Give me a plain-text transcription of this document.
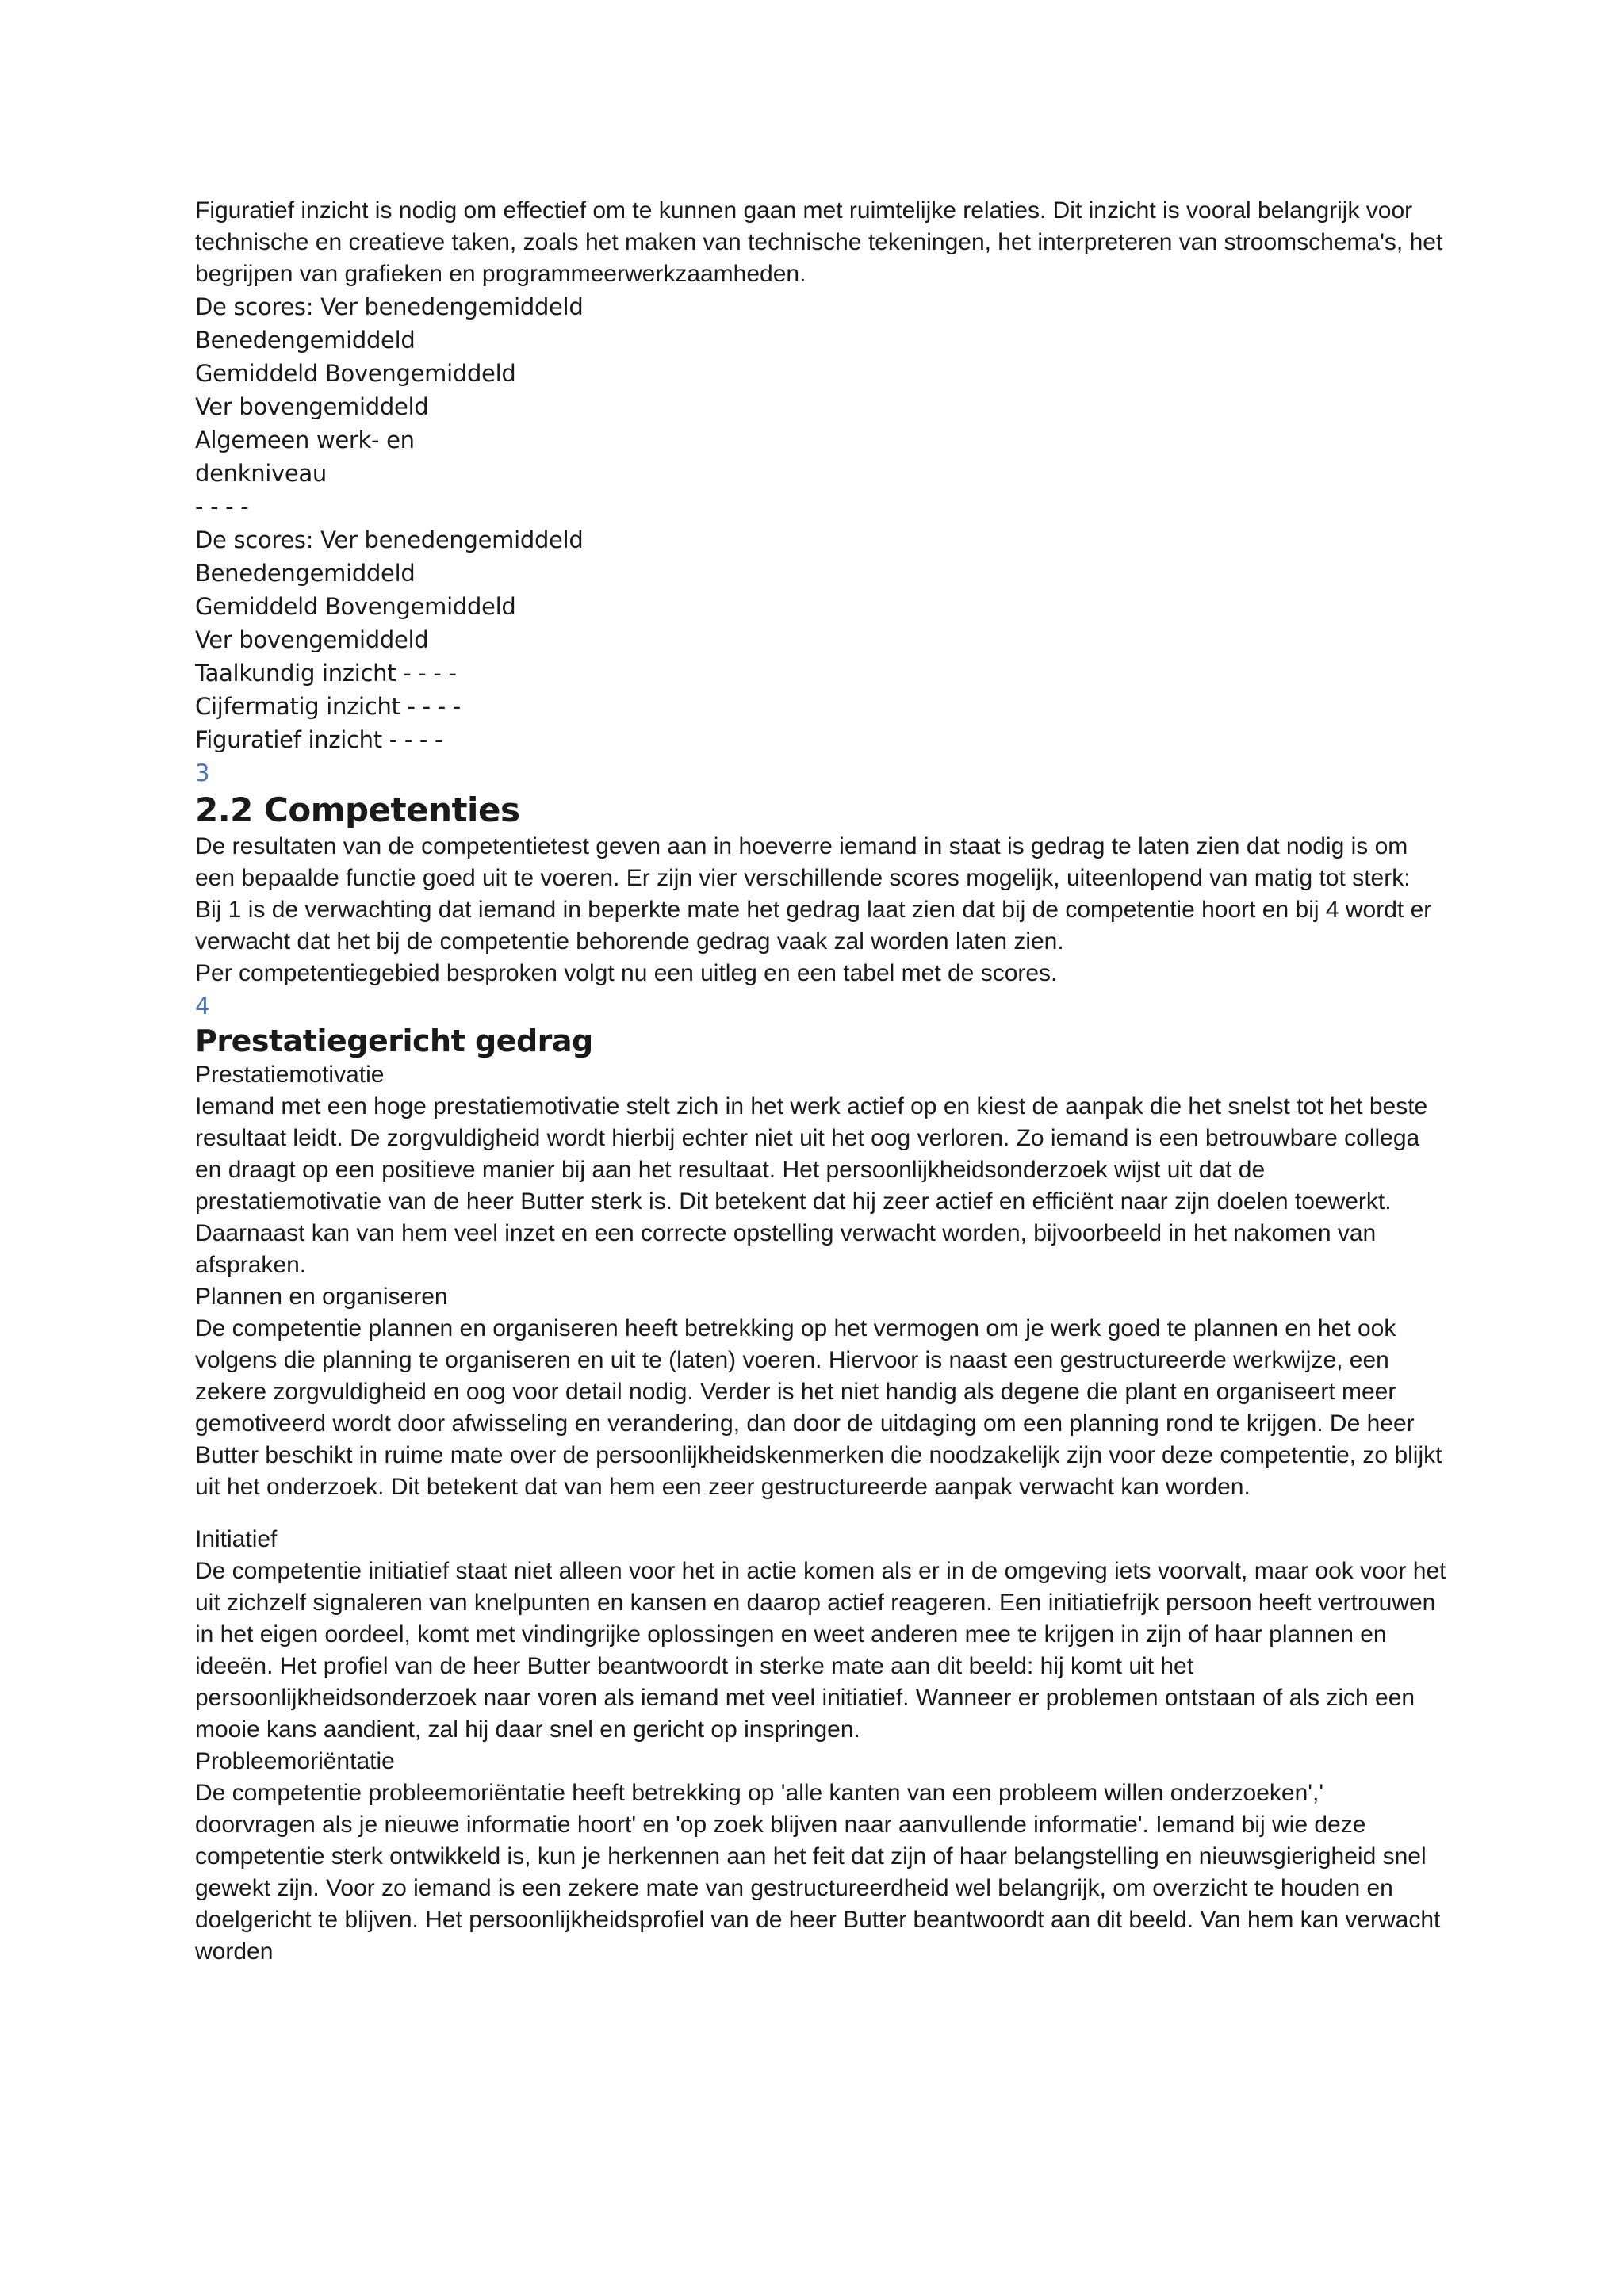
Figuratief inzicht is nodig om effectief om te kunnen gaan met ruimtelijke relaties. Dit inzicht is vooral belangrijk voor technische en creatieve taken, zoals het maken van technische tekeningen, het interpreteren van stroomschema's, het begrijpen van grafieken en programmeerwerkzaamheden.

De scores: Ver benedengemiddeld

Benedengemiddeld

Gemiddeld Bovengemiddeld

Ver bovengemiddeld

Algemeen werk- en

denkniveau

- - - -

De scores: Ver benedengemiddeld

Benedengemiddeld

Gemiddeld Bovengemiddeld

Ver bovengemiddeld

Taalkundig inzicht - - - -

Cijfermatig inzicht - - - -

Figuratief inzicht - - - -

3

2.2 Competenties

De resultaten van de competentietest geven aan in hoeverre iemand in staat is gedrag te laten zien dat nodig is om een bepaalde functie goed uit te voeren. Er zijn vier verschillende scores mogelijk, uiteenlopend van matig tot sterk:

Bij 1 is de verwachting dat iemand in beperkte mate het gedrag laat zien dat bij de competentie hoort en bij 4 wordt er verwacht dat het bij de competentie behorende gedrag vaak zal worden laten zien.

Per competentiegebied besproken volgt nu een uitleg en een tabel met de scores.

4

Prestatiegericht gedrag

Prestatiemotivatie

Iemand met een hoge prestatiemotivatie stelt zich in het werk actief op en kiest de aanpak die het snelst tot het beste resultaat leidt. De zorgvuldigheid wordt hierbij echter niet uit het oog verloren. Zo iemand is een betrouwbare collega en draagt op een positieve manier bij aan het resultaat. Het persoonlijkheidsonderzoek wijst uit dat de prestatiemotivatie van de heer Butter sterk is. Dit betekent dat hij zeer actief en efficiënt naar zijn doelen toewerkt.

Daarnaast kan van hem veel inzet en een correcte opstelling verwacht worden, bijvoorbeeld in het nakomen van afspraken.

Plannen en organiseren

De competentie plannen en organiseren heeft betrekking op het vermogen om je werk goed te plannen en het ook volgens die planning te organiseren en uit te (laten) voeren. Hiervoor is naast een gestructureerde werkwijze, een zekere zorgvuldigheid en oog voor detail nodig. Verder is het niet handig als degene die plant en organiseert meer gemotiveerd wordt door afwisseling en verandering, dan door de uitdaging om een planning rond te krijgen. De heer Butter beschikt in ruime mate over de persoonlijkheidskenmerken die noodzakelijk zijn voor deze competentie, zo blijkt uit het onderzoek. Dit betekent dat van hem een zeer gestructureerde aanpak verwacht kan worden.

Initiatief

De competentie initiatief staat niet alleen voor het in actie komen als er in de omgeving iets voorvalt, maar ook voor het uit zichzelf signaleren van knelpunten en kansen en daarop actief reageren. Een initiatiefrijk persoon heeft vertrouwen in het eigen oordeel, komt met vindingrijke oplossingen en weet anderen mee te krijgen in zijn of haar plannen en ideeën. Het profiel van de heer Butter beantwoordt in sterke mate aan dit beeld: hij komt uit het persoonlijkheidsonderzoek naar voren als iemand met veel initiatief. Wanneer er problemen ontstaan of als zich een mooie kans aandient, zal hij daar snel en gericht op inspringen.

Probleemoriëntatie

De competentie probleemoriëntatie heeft betrekking op 'alle kanten van een probleem willen onderzoeken',' doorvragen als je nieuwe informatie hoort' en 'op zoek blijven naar aanvullende informatie'. Iemand bij wie deze competentie sterk ontwikkeld is, kun je herkennen aan het feit dat zijn of haar belangstelling en nieuwsgierigheid snel gewekt zijn. Voor zo iemand is een zekere mate van gestructureerdheid wel belangrijk, om overzicht te houden en doelgericht te blijven. Het persoonlijkheidsprofiel van de heer Butter beantwoordt aan dit beeld. Van hem kan verwacht worden
